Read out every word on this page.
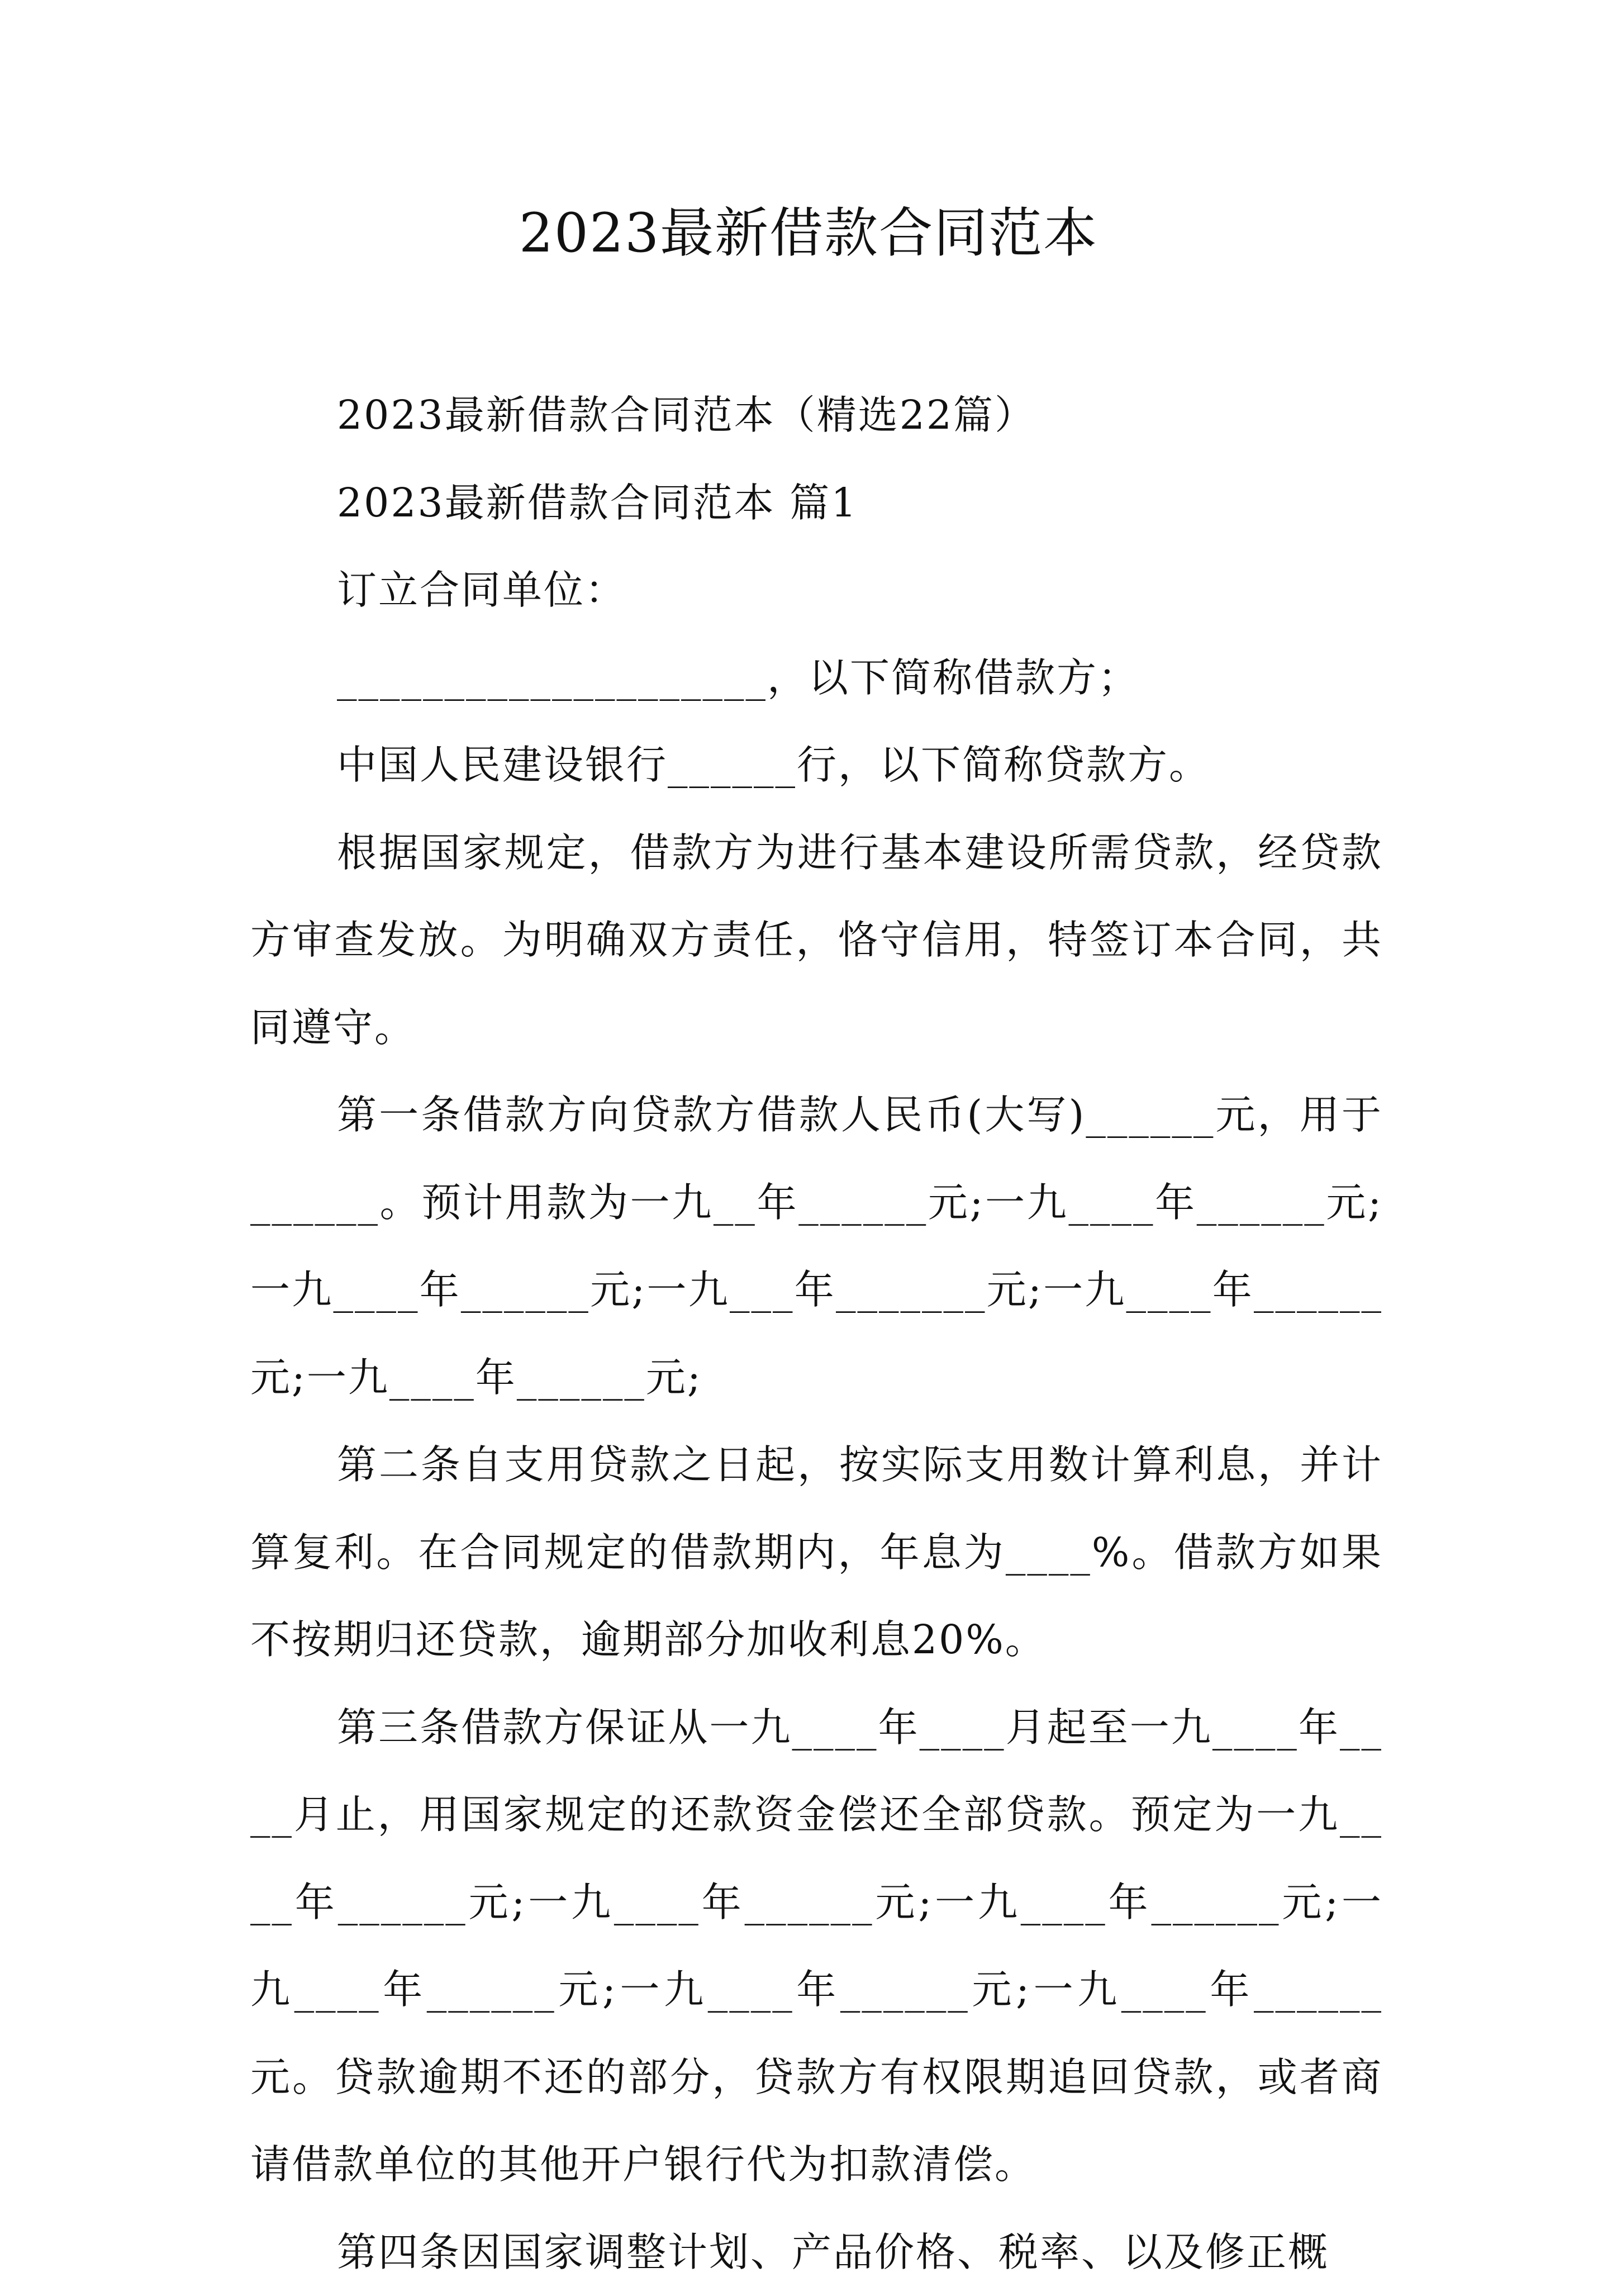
2023最新借款合同范本

2023最新借款合同范本（精选22篇）

2023最新借款合同范本 篇1

订立合同单位：

____________________，以下简称借款方；

中国人民建设银行______行，以下简称贷款方。

根据国家规定，借款方为进行基本建设所需贷款，经贷款方审查发放。为明确双方责任，恪守信用，特签订本合同，共同遵守。

第一条借款方向贷款方借款人民币(大写)______元，用于______。预计用款为一九__年______元;一九____年______元;一九____年______元;一九___年_______元;一九____年______元;一九____年______元;

第二条自支用贷款之日起，按实际支用数计算利息，并计算复利。在合同规定的借款期内，年息为____%。借款方如果不按期归还贷款，逾期部分加收利息20%。

第三条借款方保证从一九____年____月起至一九____年____月止，用国家规定的还款资金偿还全部贷款。预定为一九____年______元;一九____年______元;一九____年______元;一九____年______元;一九____年______元;一九____年______元。贷款逾期不还的部分，贷款方有权限期追回贷款，或者商请借款单位的其他开户银行代为扣款清偿。

第四条因国家调整计划、产品价格、税率、以及修正概
